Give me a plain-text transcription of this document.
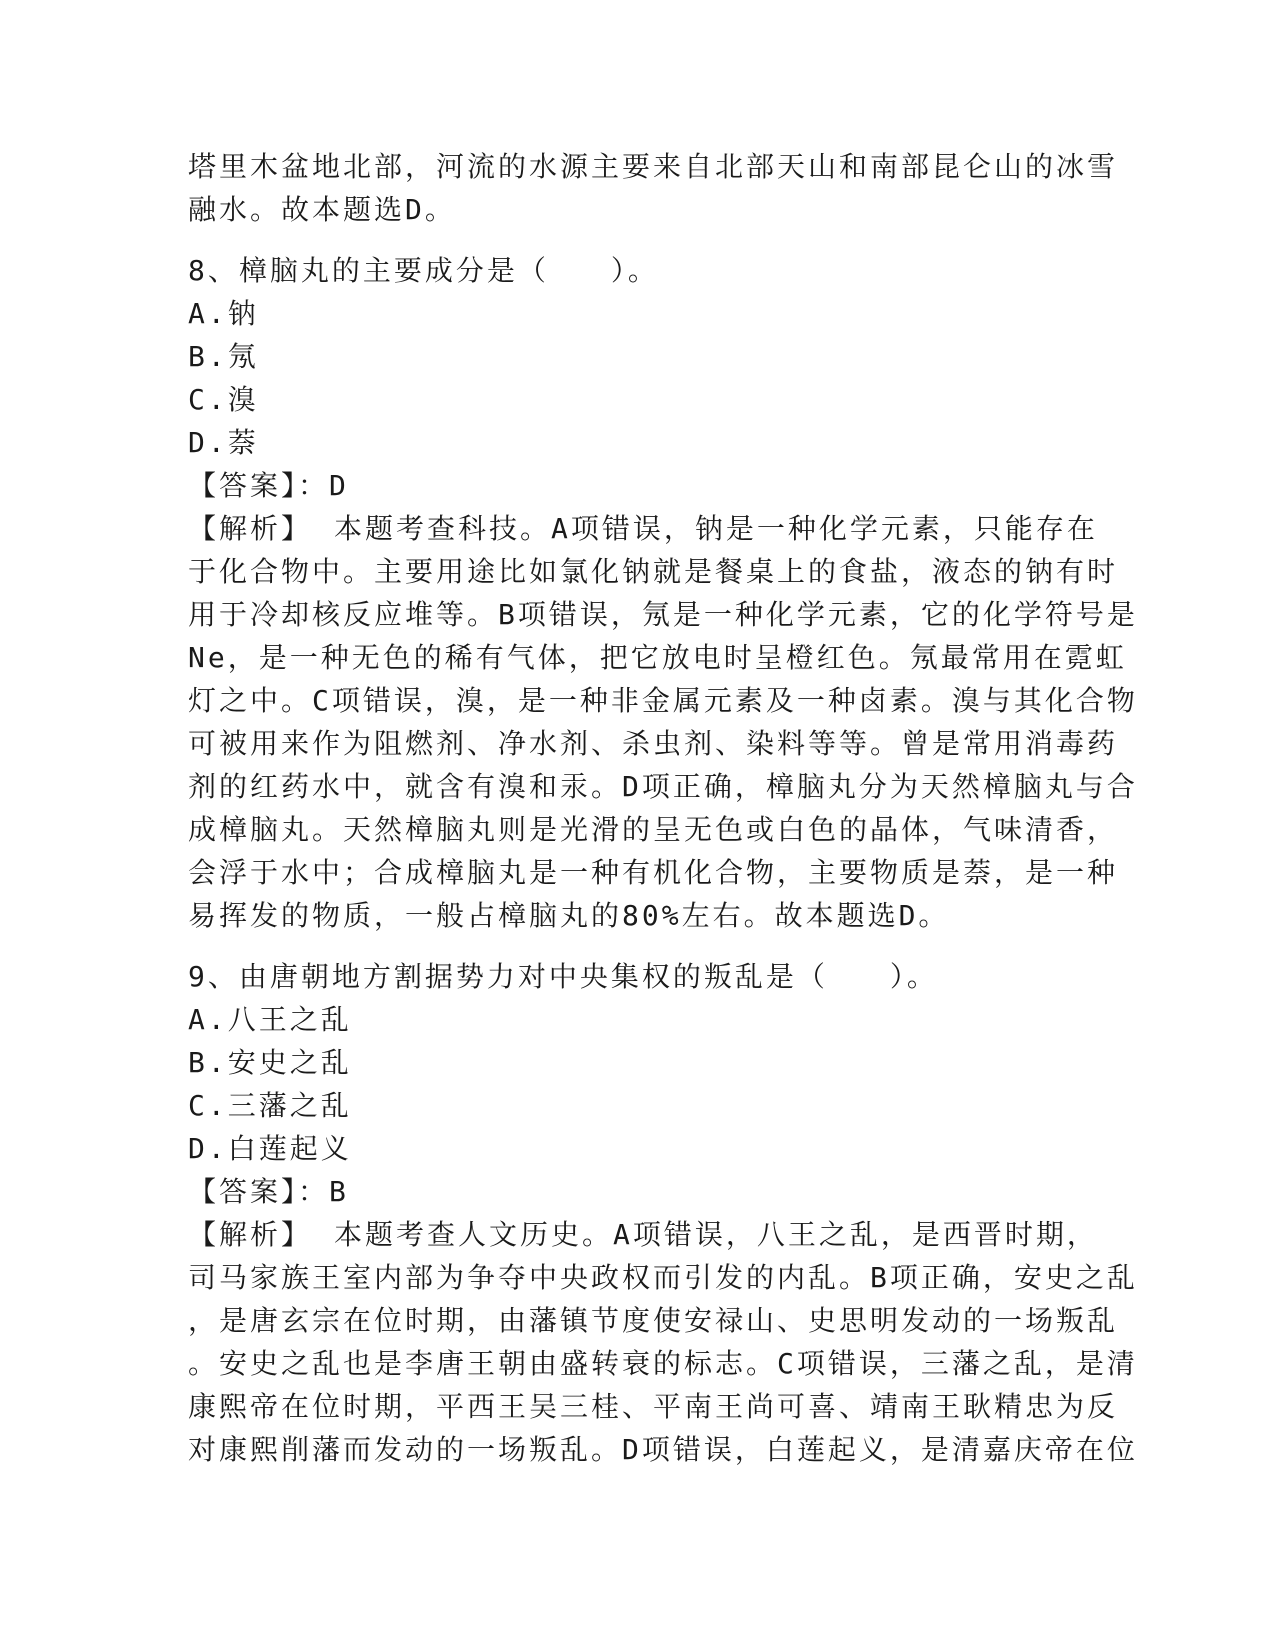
塔里木盆地北部，河流的水源主要来自北部天山和南部昆仑山的冰雪
融水。故本题选D。
8、樟脑丸的主要成分是（　　）。
A.钠
B.氖
C.溴
D.萘
【答案】：D
【解析】 本题考查科技。A项错误，钠是一种化学元素，只能存在
于化合物中。主要用途比如氯化钠就是餐桌上的食盐，液态的钠有时
用于冷却核反应堆等。B项错误，氖是一种化学元素，它的化学符号是
Ne，是一种无色的稀有气体，把它放电时呈橙红色。氖最常用在霓虹
灯之中。C项错误，溴，是一种非金属元素及一种卤素。溴与其化合物
可被用来作为阻燃剂、净水剂、杀虫剂、染料等等。曾是常用消毒药
剂的红药水中，就含有溴和汞。D项正确，樟脑丸分为天然樟脑丸与合
成樟脑丸。天然樟脑丸则是光滑的呈无色或白色的晶体，气味清香，
会浮于水中；合成樟脑丸是一种有机化合物，主要物质是萘，是一种
易挥发的物质，一般占樟脑丸的80%左右。故本题选D。
9、由唐朝地方割据势力对中央集权的叛乱是（　　）。
A.八王之乱
B.安史之乱
C.三藩之乱
D.白莲起义
【答案】：B
【解析】 本题考查人文历史。A项错误，八王之乱，是西晋时期，
司马家族王室内部为争夺中央政权而引发的内乱。B项正确，安史之乱
，是唐玄宗在位时期，由藩镇节度使安禄山、史思明发动的一场叛乱
。安史之乱也是李唐王朝由盛转衰的标志。C项错误，三藩之乱，是清
康熙帝在位时期，平西王吴三桂、平南王尚可喜、靖南王耿精忠为反
对康熙削藩而发动的一场叛乱。D项错误，白莲起义，是清嘉庆帝在位
